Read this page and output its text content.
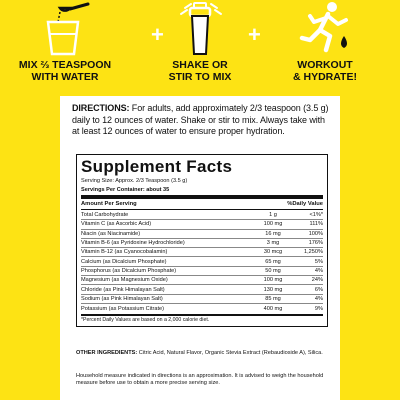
MIX ⅔ TEASPOON
WITH WATER
+
SHAKE OR
STIR TO MIX
+
WORKOUT
& HYDRATE!
DIRECTIONS: For adults, add approximately 2/3 teaspoon (3.5 g) daily to 12 ounces of water. Shake or stir to mix. Always take with at least 12 ounces of water to ensure proper hydration.
Supplement Facts
Serving Size: Approx. 2/3 Teaspoon (3.5 g)
Servings Per Container: about 35
Amount Per Serving	%Daily Value
Total Carbohydrate	1 g	<1%*
Vitamin C (as Ascorbic Acid)	100 mg	111%
Niacin (as Niacinamide)	16 mg	100%
Vitamin B-6 (as Pyridoxine Hydrochloride)	3 mg	176%
Vitamin B-12 (as Cyanocobalamin)	30 mcg	1,250%
Calcium (as Dicalcium Phosphate)	65 mg	5%
Phosphorus (as Dicalcium Phosphate)	50 mg	4%
Magnesium (as Magnesium Oxide)	100 mg	24%
Chloride (as Pink Himalayan Salt)	130 mg	6%
Sodium (as Pink Himalayan Salt)	85 mg	4%
Potassium (as Potassium Citrate)	400 mg	9%
*Percent Daily Values are based on a 2,000 calorie diet.
OTHER INGREDIENTS: Citric Acid, Natural Flavor, Organic Stevia Extract (Rebaudioside A), Silica.
Household measure indicated in directions is an approximation. It is advised to weigh the household measure before use to obtain a more precise serving size.
